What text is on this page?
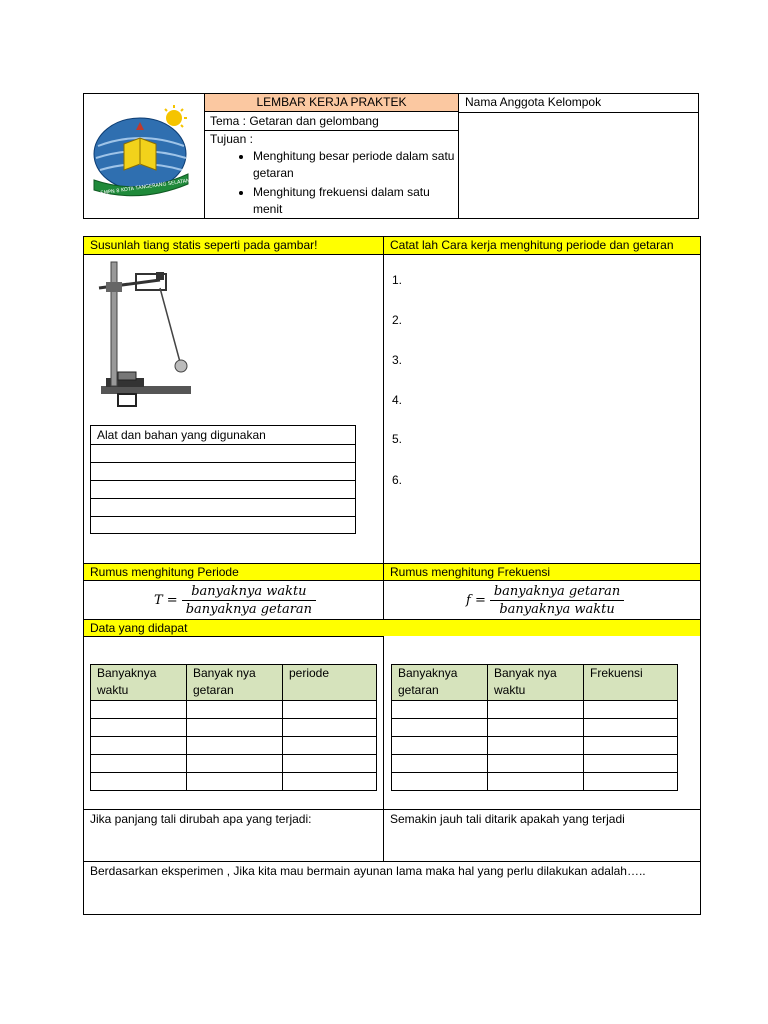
LEMBAR KERJA PRAKTEK	Nama Anggota Kelompok
Tema : Getaran dan gelombang
Tujuan :
• Menghitung besar periode dalam satu getaran
• Menghitung frekuensi dalam satu menit
SMPN 8 KOTA TANGERANG SELATAN
Susunlah tiang statis seperti pada gambar!	Catat lah Cara kerja menghitung periode dan getaran
Alat dan bahan yang digunakan
1.
2.
3.
4.
5.
6.
Rumus menghitung Periode	Rumus menghitung Frekuensi
$T = \frac{\text{banyaknya waktu}}{\text{banyaknya getaran}}$	$f = \frac{\text{banyaknya getaran}}{\text{banyaknya waktu}}$
Data yang didapat
Banyaknya waktu	Banyak nya getaran	periode

			Banyaknya getaran	Banyak nya waktu	Frekuensi

Jika panjang tali dirubah apa yang terjadi:	Semakin jauh tali ditarik apakah yang terjadi
Berdasarkan eksperimen , Jika kita mau bermain ayunan lama maka hal yang perlu dilakukan adalah…..
